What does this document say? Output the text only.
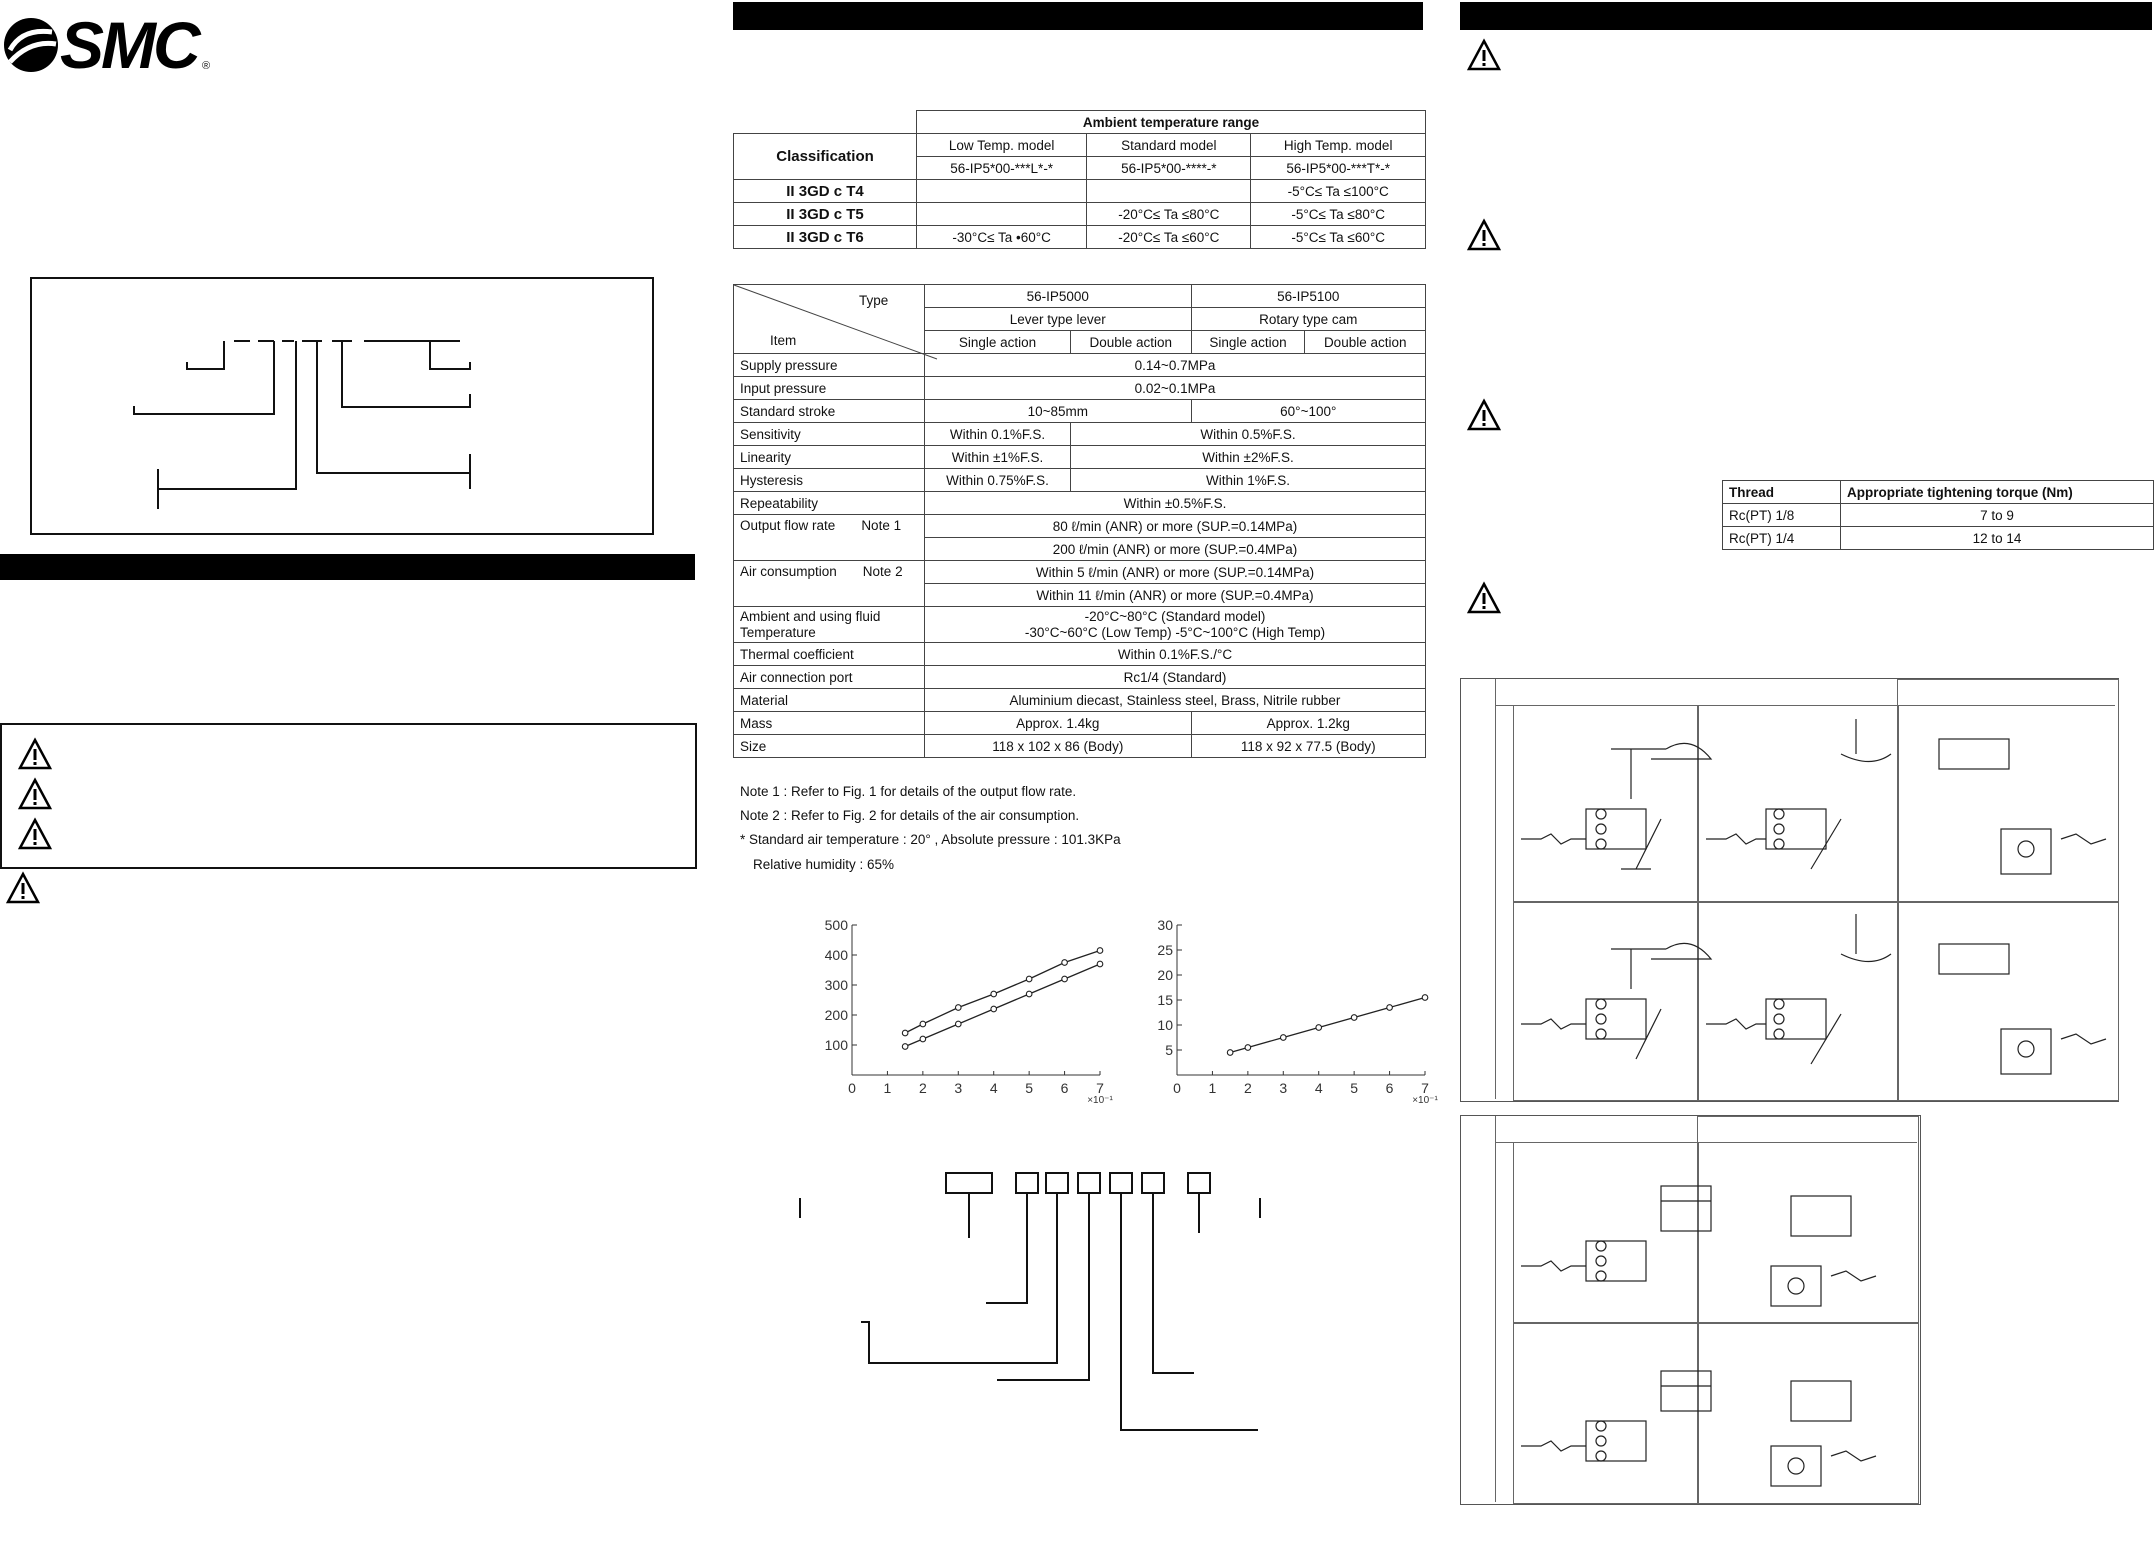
SMC ®
	Ambient temperature range		
Classification	Low Temp. model	Standard model	High Temp. model
	56-IP5*00-***L*-*	56-IP5*00-****-*	56-IP5*00-***T*-*
II 3GD c T4			-5°C≤ Ta ≤100°C
II 3GD c T5		-20°C≤ Ta ≤80°C	-5°C≤ Ta ≤80°C
II 3GD c T6	-30°C≤ Ta •60°C	-20°C≤ Ta ≤60°C	-5°C≤ Ta ≤60°C
Type
Item	56-IP5000		56-IP5100	
	Lever type lever		Rotary type cam	
	Single action	Double action	Single action	Double action
Supply pressure	0.14~0.7MPa			
Input pressure	0.02~0.1MPa			
Standard stroke	10~85mm		60°~100°	
Sensitivity	Within 0.1%F.S.	Within 0.5%F.S.		
Linearity	Within ±1%F.S.	Within ±2%F.S.		
Hysteresis	Within 0.75%F.S.	Within 1%F.S.		
Repeatability	Within ±0.5%F.S.			
Output flow rate Note 1	80 ℓ/min (ANR) or more (SUP.=0.14MPa)			
	200 ℓ/min (ANR) or more (SUP.=0.4MPa)			
Air consumption Note 2	Within 5 ℓ/min (ANR) or more (SUP.=0.14MPa)			
	Within 11 ℓ/min (ANR) or more (SUP.=0.4MPa)			
Ambient and using fluid
Temperature	-20°C~80°C (Standard model)
-30°C~60°C (Low Temp) -5°C~100°C (High Temp)			
Thermal coefficient	Within 0.1%F.S./°C			
Air connection port	Rc1/4 (Standard)			
Material	Aluminium diecast, Stainless steel, Brass, Nitrile rubber			
Mass	Approx. 1.4kg		Approx. 1.2kg	
Size	118 x 102 x 86 (Body)		118 x 92 x 77.5 (Body)	
Note 1 : Refer to Fig. 1 for details of the output flow rate.
Note 2 : Refer to Fig. 2 for details of the air consumption.
* Standard air temperature : 20° , Absolute pressure : 101.3KPa
Relative humidity : 65%
0 1 2 3 4 5 6 7
100
200
300
400
500
×10⁻¹
0 1 2 3 4 5 6 7
5
10
15
20
25
30
×10⁻¹
Thread	Appropriate tightening torque (Nm)
Rc(PT) 1/8	7 to 9
Rc(PT) 1/4	12 to 14
